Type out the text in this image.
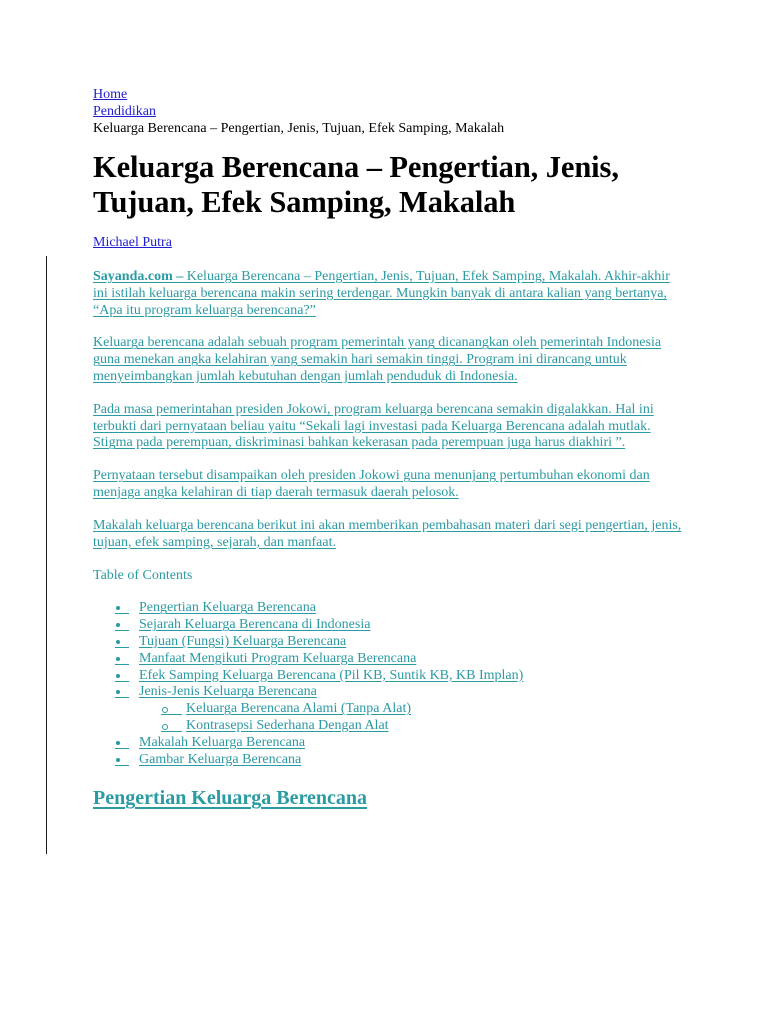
Home
Pendidikan
Keluarga Berencana – Pengertian, Jenis, Tujuan, Efek Samping, Makalah
Keluarga Berencana – Pengertian, Jenis, Tujuan, Efek Samping, Makalah
Michael Putra

Sayanda.com – Keluarga Berencana – Pengertian, Jenis, Tujuan, Efek Samping, Makalah. Akhir-akhir ini istilah keluarga berencana makin sering terdengar. Mungkin banyak di antara kalian yang bertanya, “Apa itu program keluarga berencana?”

Keluarga berencana adalah sebuah program pemerintah yang dicanangkan oleh pemerintah Indonesia guna menekan angka kelahiran yang semakin hari semakin tinggi. Program ini dirancang untuk menyeimbangkan jumlah kebutuhan dengan jumlah penduduk di Indonesia.

Pada masa pemerintahan presiden Jokowi, program keluarga berencana semakin digalakkan. Hal ini terbukti dari pernyataan beliau yaitu “Sekali lagi investasi pada Keluarga Berencana adalah mutlak. Stigma pada perempuan, diskriminasi bahkan kekerasan pada perempuan juga harus diakhiri ”.

Pernyataan tersebut disampaikan oleh presiden Jokowi guna menunjang pertumbuhan ekonomi dan menjaga angka kelahiran di tiap daerah termasuk daerah pelosok.

Makalah keluarga berencana berikut ini akan memberikan pembahasan materi dari segi pengertian, jenis, tujuan, efek samping, sejarah, dan manfaat.

Table of Contents

Pengertian Keluarga Berencana

Sejarah Keluarga Berencana di Indonesia

Tujuan (Fungsi) Keluarga Berencana

Manfaat Mengikuti Program Keluarga Berencana

Efek Samping Keluarga Berencana (Pil KB, Suntik KB, KB Implan)

Jenis-Jenis Keluarga Berencana

Keluarga Berencana Alami (Tanpa Alat)

Kontrasepsi Sederhana Dengan Alat

Makalah Keluarga Berencana

Gambar Keluarga Berencana
Pengertian Keluarga Berencana
